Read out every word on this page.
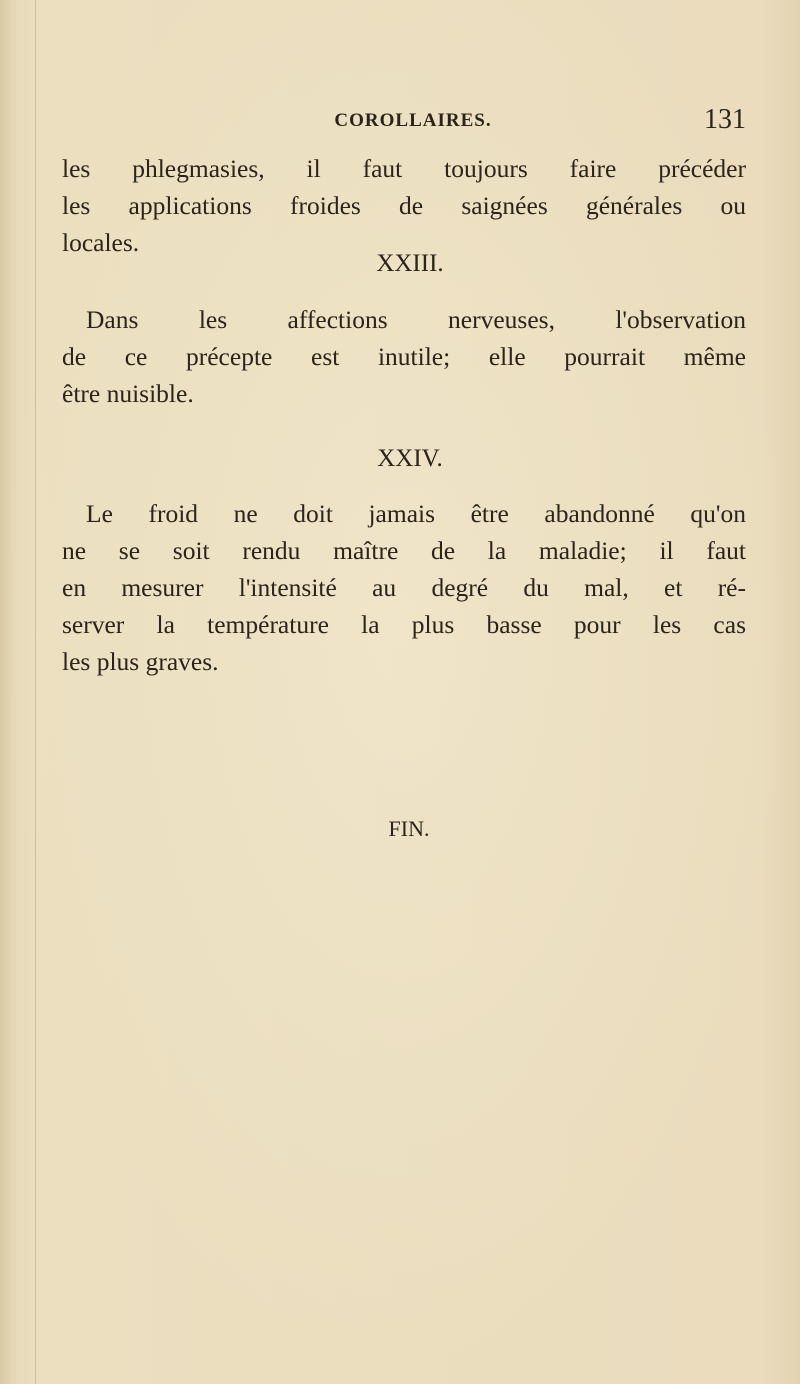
COROLLAIRES.	131
les phlegmasies, il faut toujours faire précéder
les applications froides de saignées générales ou
locales.
XXIII.
Dans les affections nerveuses, l'observation
de ce précepte est inutile; elle pourrait même
être nuisible.
XXIV.
Le froid ne doit jamais être abandonné qu'on
ne se soit rendu maître de la maladie; il faut
en mesurer l'intensité au degré du mal, et ré-
server la température la plus basse pour les cas
les plus graves.
FIN.
